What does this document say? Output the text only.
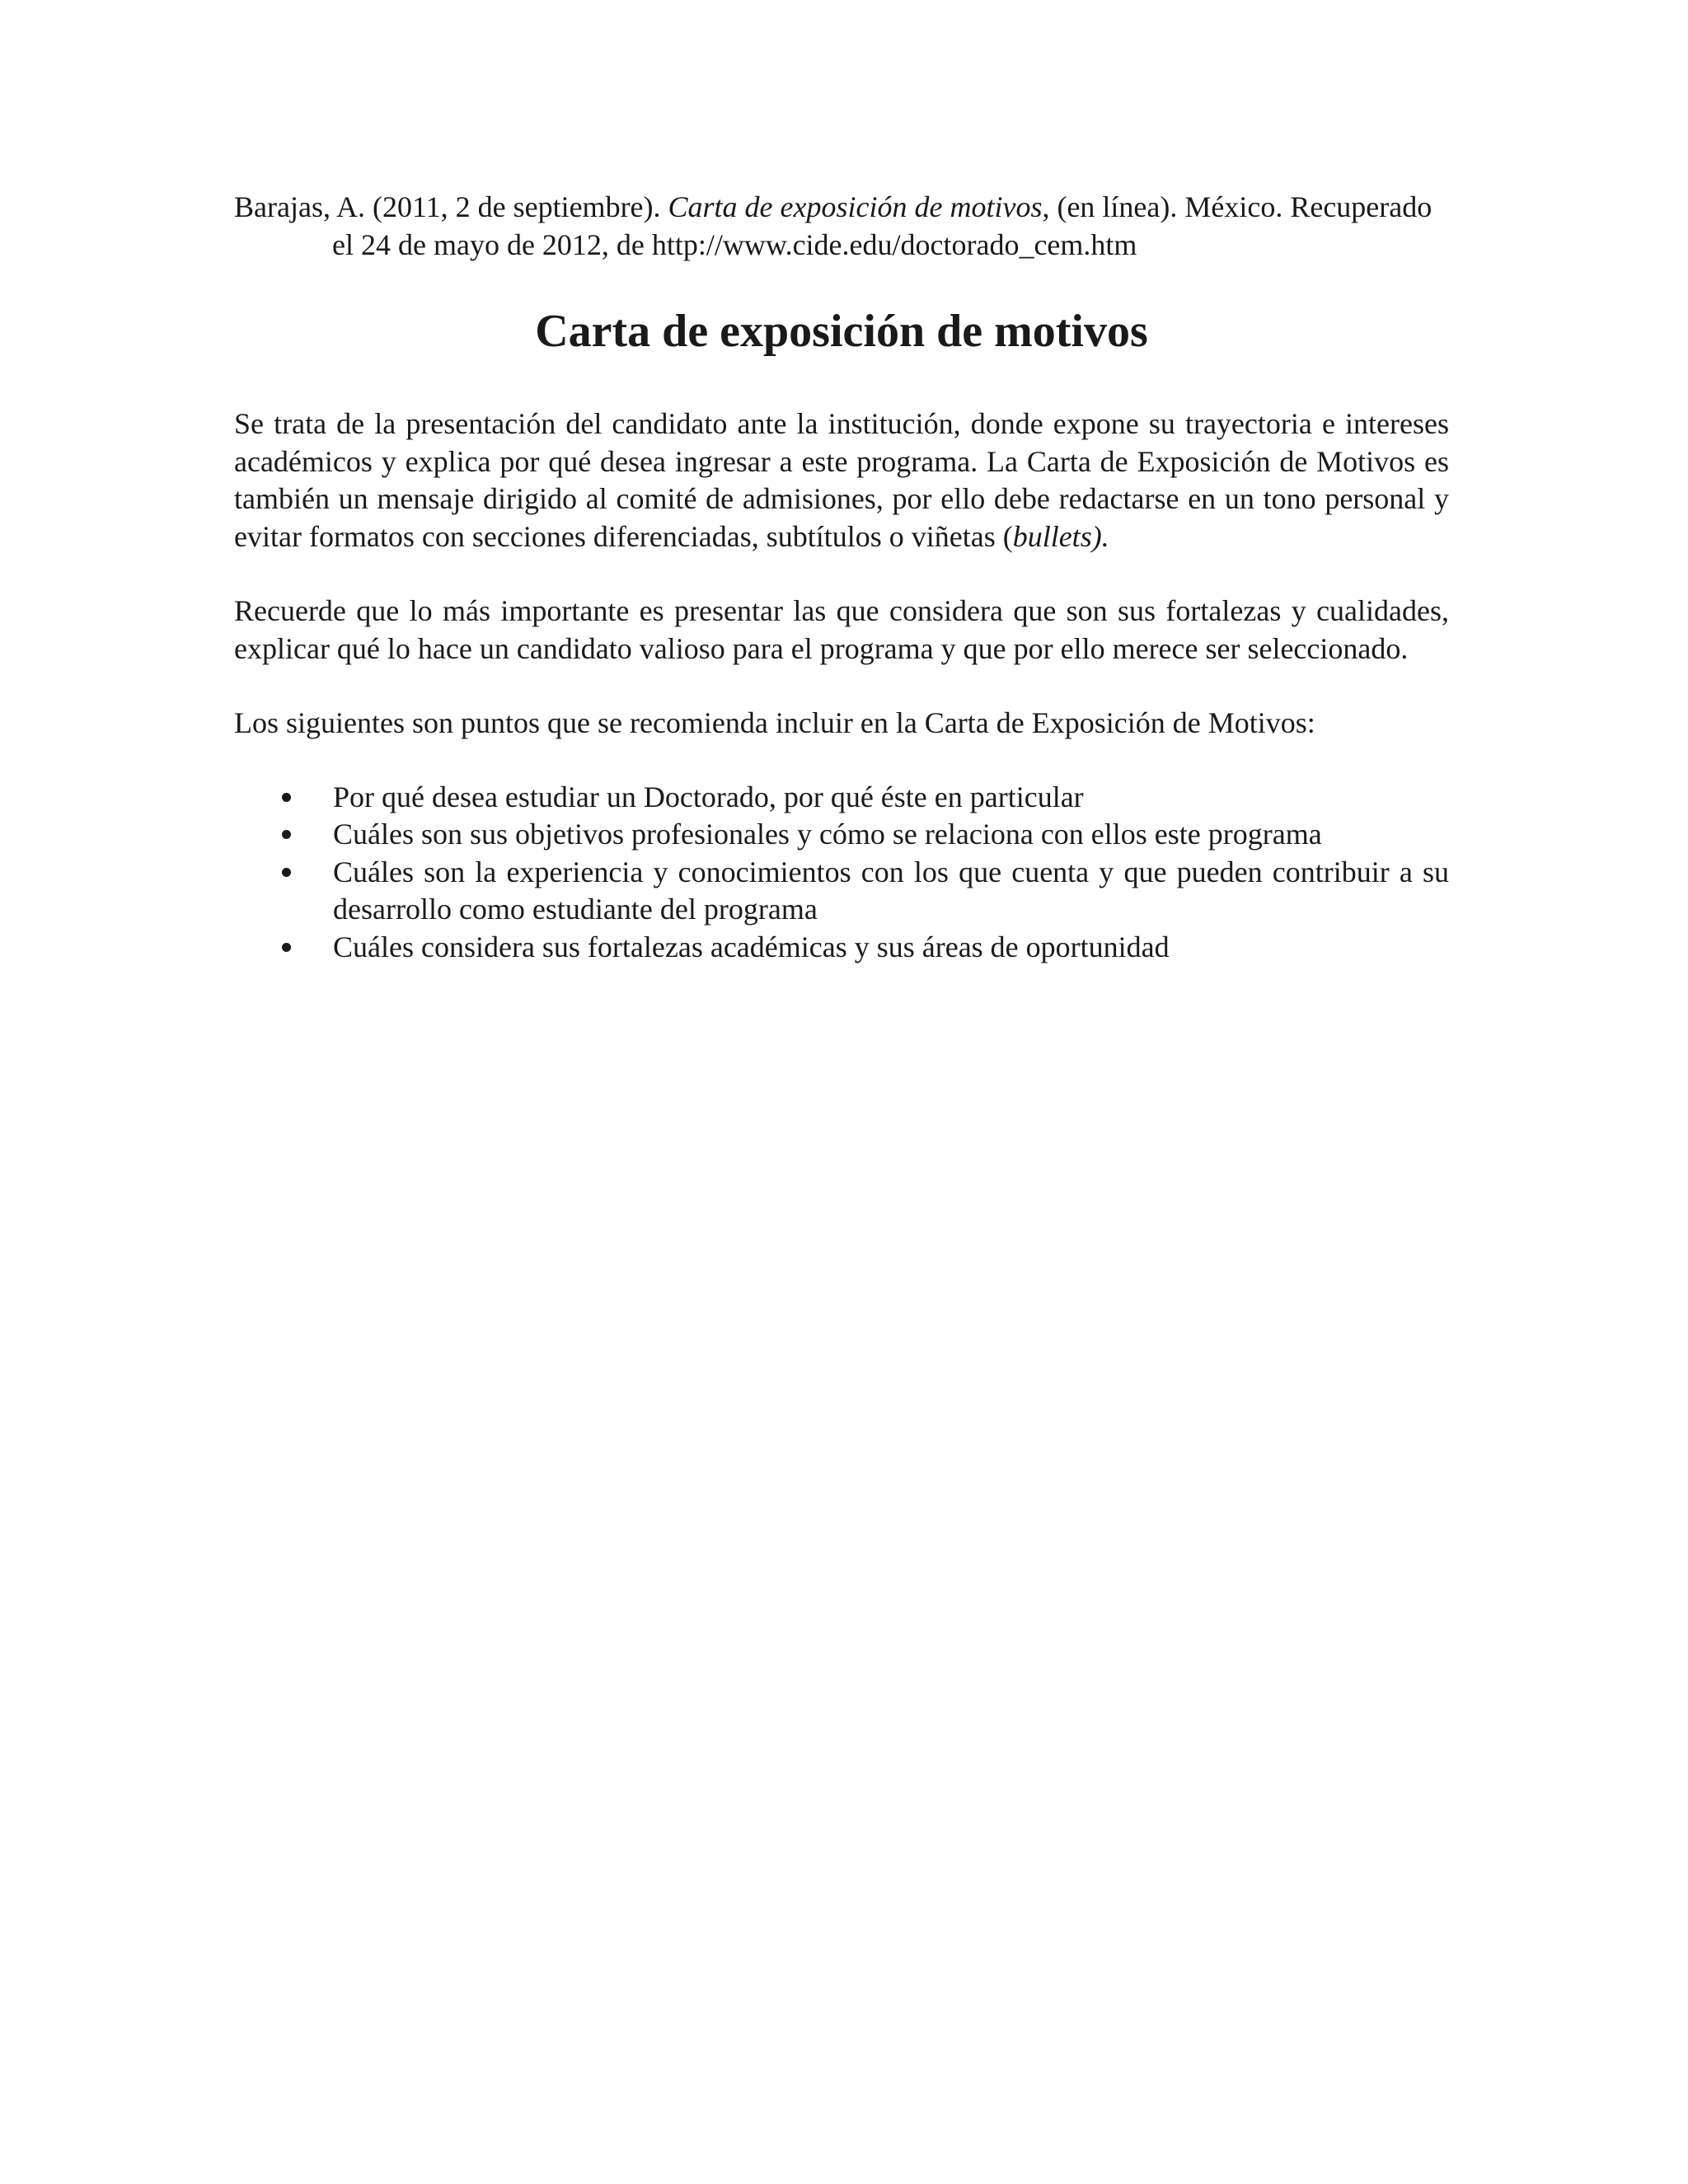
Barajas, A. (2011, 2 de septiembre). Carta de exposición de motivos, (en línea). México. Recuperado el 24 de mayo de 2012, de http://www.cide.edu/doctorado_cem.htm

Carta de exposición de motivos

Se trata de la presentación del candidato ante la institución, donde expone su trayectoria e intereses académicos y explica por qué desea ingresar a este programa. La Carta de Exposición de Motivos es también un mensaje dirigido al comité de admisiones, por ello debe redactarse en un tono personal y evitar formatos con secciones diferenciadas, subtítulos o viñetas (bullets).

Recuerde que lo más importante es presentar las que considera que son sus fortalezas y cualidades, explicar qué lo hace un candidato valioso para el programa y que por ello merece ser seleccionado.

Los siguientes son puntos que se recomienda incluir en la Carta de Exposición de Motivos:

Por qué desea estudiar un Doctorado, por qué éste en particular
Cuáles son sus objetivos profesionales y cómo se relaciona con ellos este programa
Cuáles son la experiencia y conocimientos con los que cuenta y que pueden contribuir a su desarrollo como estudiante del programa
Cuáles considera sus fortalezas académicas y sus áreas de oportunidad
